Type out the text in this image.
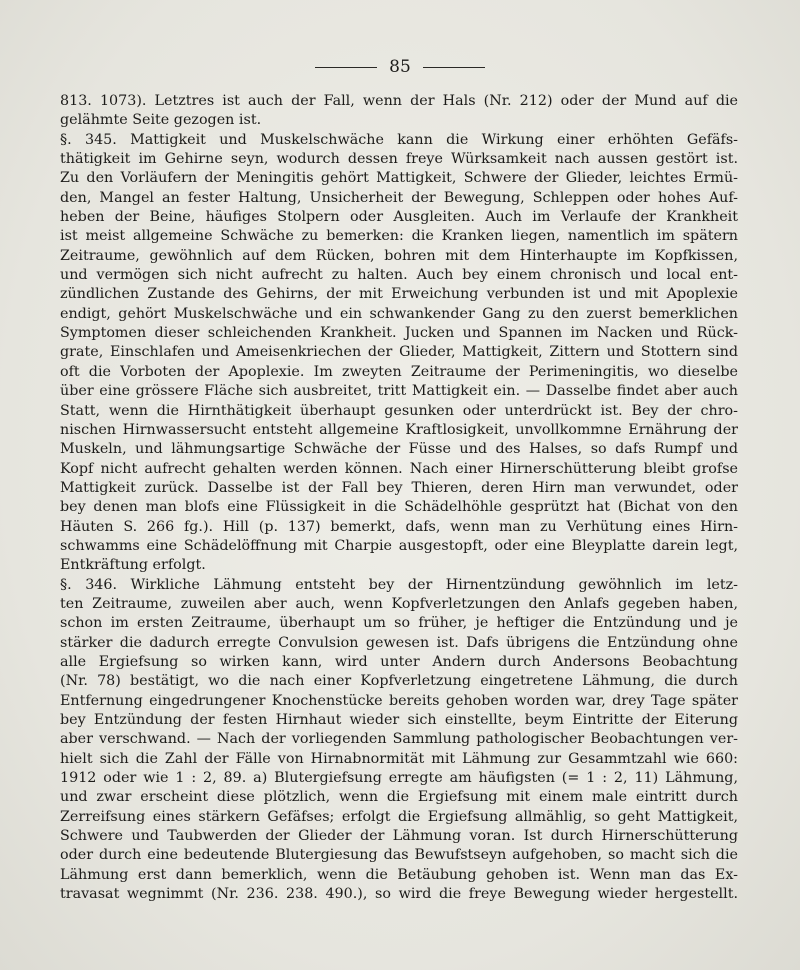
85
813. 1073). Letztres ist auch der Fall, wenn der Hals (Nr. 212) oder der Mund auf die
gelähmte Seite gezogen ist.
§. 345. Mattigkeit und Muskelschwäche kann die Wirkung einer erhöhten Gefäfs-
thätigkeit im Gehirne seyn, wodurch dessen freye Würksamkeit nach aussen gestört ist.
Zu den Vorläufern der Meningitis gehört Mattigkeit, Schwere der Glieder, leichtes Ermü-
den, Mangel an fester Haltung, Unsicherheit der Bewegung, Schleppen oder hohes Auf-
heben der Beine, häufiges Stolpern oder Ausgleiten. Auch im Verlaufe der Krankheit
ist meist allgemeine Schwäche zu bemerken: die Kranken liegen, namentlich im spätern
Zeitraume, gewöhnlich auf dem Rücken, bohren mit dem Hinterhaupte im Kopfkissen,
und vermögen sich nicht aufrecht zu halten. Auch bey einem chronisch und local ent-
zündlichen Zustande des Gehirns, der mit Erweichung verbunden ist und mit Apoplexie
endigt, gehört Muskelschwäche und ein schwankender Gang zu den zuerst bemerklichen
Symptomen dieser schleichenden Krankheit. Jucken und Spannen im Nacken und Rück-
grate, Einschlafen und Ameisenkriechen der Glieder, Mattigkeit, Zittern und Stottern sind
oft die Vorboten der Apoplexie. Im zweyten Zeitraume der Perimeningitis, wo dieselbe
über eine grössere Fläche sich ausbreitet, tritt Mattigkeit ein. — Dasselbe findet aber auch
Statt, wenn die Hirnthätigkeit überhaupt gesunken oder unterdrückt ist. Bey der chro-
nischen Hirnwassersucht entsteht allgemeine Kraftlosigkeit, unvollkommne Ernährung der
Muskeln, und lähmungsartige Schwäche der Füsse und des Halses, so dafs Rumpf und
Kopf nicht aufrecht gehalten werden können. Nach einer Hirnerschütterung bleibt grofse
Mattigkeit zurück. Dasselbe ist der Fall bey Thieren, deren Hirn man verwundet, oder
bey denen man blofs eine Flüssigkeit in die Schädelhöhle gesprützt hat (Bichat von den
Häuten S. 266 fg.). Hill (p. 137) bemerkt, dafs, wenn man zu Verhütung eines Hirn-
schwamms eine Schädelöffnung mit Charpie ausgestopft, oder eine Bleyplatte darein legt,
Entkräftung erfolgt.
§. 346. Wirkliche Lähmung entsteht bey der Hirnentzündung gewöhnlich im letz-
ten Zeitraume, zuweilen aber auch, wenn Kopfverletzungen den Anlafs gegeben haben,
schon im ersten Zeitraume, überhaupt um so früher, je heftiger die Entzündung und je
stärker die dadurch erregte Convulsion gewesen ist. Dafs übrigens die Entzündung ohne
alle Ergiefsung so wirken kann, wird unter Andern durch Andersons Beobachtung
(Nr. 78) bestätigt, wo die nach einer Kopfverletzung eingetretene Lähmung, die durch
Entfernung eingedrungener Knochenstücke bereits gehoben worden war, drey Tage später
bey Entzündung der festen Hirnhaut wieder sich einstellte, beym Eintritte der Eiterung
aber verschwand. — Nach der vorliegenden Sammlung pathologischer Beobachtungen ver-
hielt sich die Zahl der Fälle von Hirnabnormität mit Lähmung zur Gesammtzahl wie 660:
1912 oder wie 1 : 2, 89. a) Blutergiefsung erregte am häufigsten (= 1 : 2, 11) Lähmung,
und zwar erscheint diese plötzlich, wenn die Ergiefsung mit einem male eintritt durch
Zerreifsung eines stärkern Gefäfses; erfolgt die Ergiefsung allmählig, so geht Mattigkeit,
Schwere und Taubwerden der Glieder der Lähmung voran. Ist durch Hirnerschütterung
oder durch eine bedeutende Blutergiesung das Bewufstseyn aufgehoben, so macht sich die
Lähmung erst dann bemerklich, wenn die Betäubung gehoben ist. Wenn man das Ex-
travasat wegnimmt (Nr. 236. 238. 490.), so wird die freye Bewegung wieder hergestellt.
